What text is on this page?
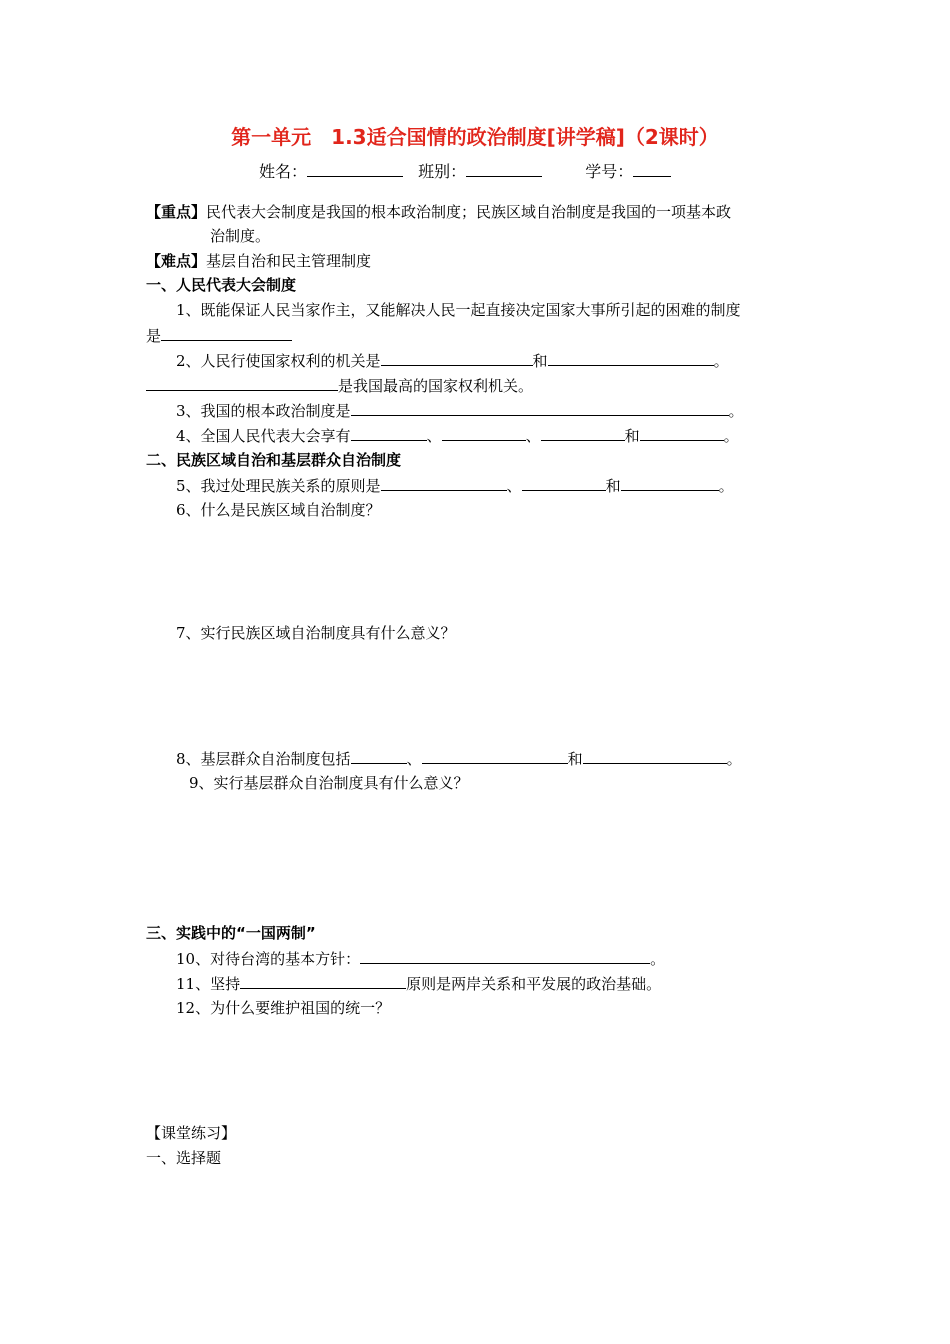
第一单元　1.3适合国情的政治制度[讲学稿]（2课时）
姓名：	班别：	学号：
【重点】民代表大会制度是我国的根本政治制度；民族区域自治制度是我国的一项基本政
治制度。
【难点】基层自治和民主管理制度
一、人民代表大会制度
1、既能保证人民当家作主，又能解决人民一起直接决定国家大事所引起的困难的制度
是
2、人民行使国家权利的机关是	和	。
是我国最高的国家权利机关。
3、我国的根本政治制度是	。
4、全国人民代表大会享有	、	、	和	。
二、民族区域自治和基层群众自治制度
5、我过处理民族关系的原则是	、	和	。
6、什么是民族区域自治制度？
7、实行民族区域自治制度具有什么意义？
8、基层群众自治制度包括	、	和	。
9、实行基层群众自治制度具有什么意义？
三、实践中的“一国两制”
10、对待台湾的基本方针：	。
11、坚持	原则是两岸关系和平发展的政治基础。
12、为什么要维护祖国的统一？
【课堂练习】
一、选择题
